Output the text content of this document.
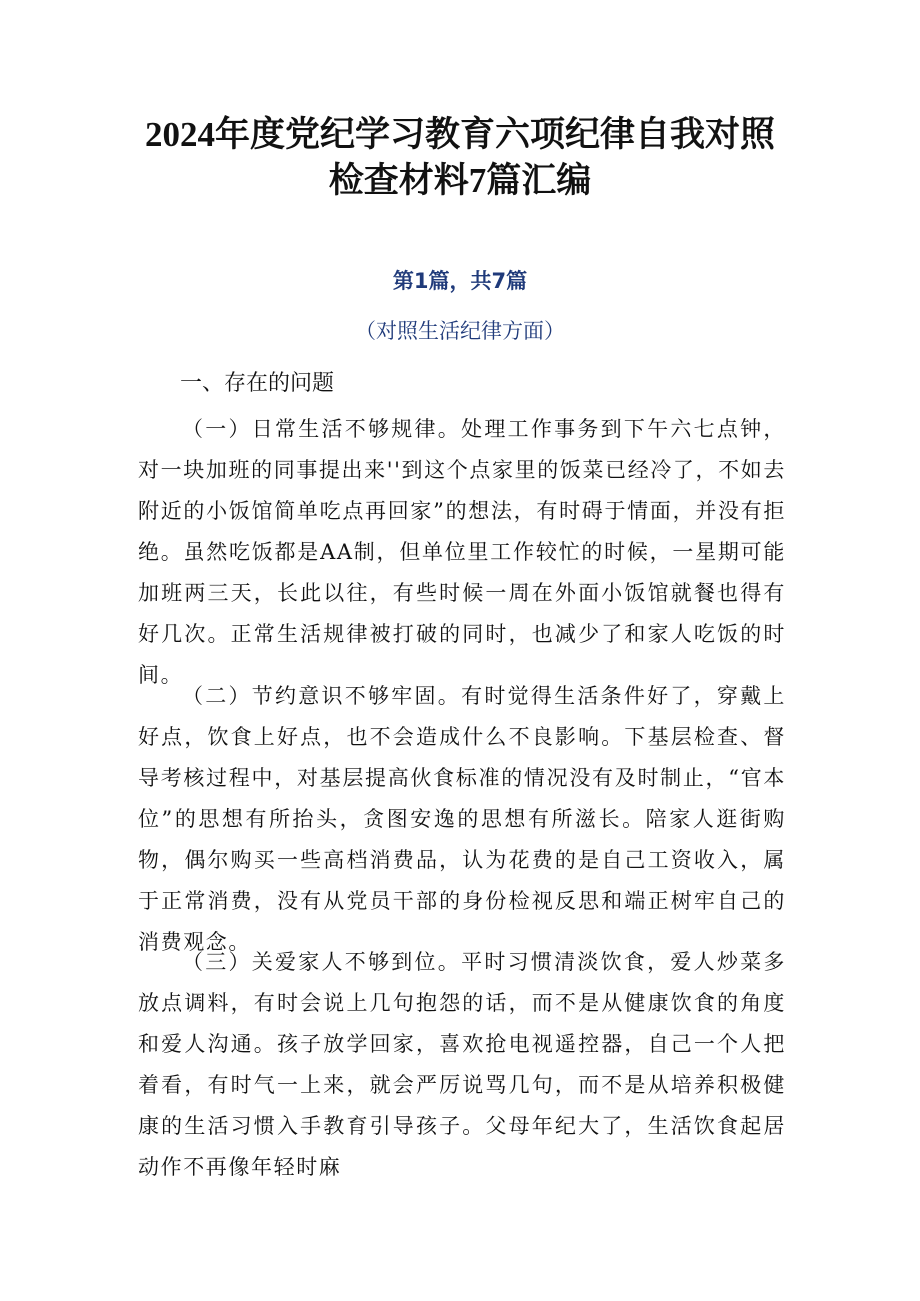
2024年度党纪学习教育六项纪律自我对照
检查材料7篇汇编
第1篇，共7篇
（对照生活纪律方面）
一、存在的问题

（一）日常生活不够规律。处理工作事务到下午六七点钟，对一块加班的同事提出来''到这个点家里的饭菜已经冷了，不如去附近的小饭馆简单吃点再回家”的想法，有时碍于情面，并没有拒绝。虽然吃饭都是AA制，但单位里工作较忙的时候，一星期可能加班两三天，长此以往，有些时候一周在外面小饭馆就餐也得有好几次。正常生活规律被打破的同时，也减少了和家人吃饭的时间。

（二）节约意识不够牢固。有时觉得生活条件好了，穿戴上好点，饮食上好点，也不会造成什么不良影响。下基层检查、督导考核过程中，对基层提高伙食标准的情况没有及时制止，“官本位”的思想有所抬头，贪图安逸的思想有所滋长。陪家人逛街购物，偶尔购买一些高档消费品，认为花费的是自己工资收入，属于正常消费，没有从党员干部的身份检视反思和端正树牢自己的消费观念。

（三）关爱家人不够到位。平时习惯清淡饮食，爱人炒菜多放点调料，有时会说上几句抱怨的话，而不是从健康饮食的角度和爱人沟通。孩子放学回家，喜欢抢电视遥控器，自己一个人把着看，有时气一上来，就会严厉说骂几句，而不是从培养积极健康的生活习惯入手教育引导孩子。父母年纪大了，生活饮食起居动作不再像年轻时麻
